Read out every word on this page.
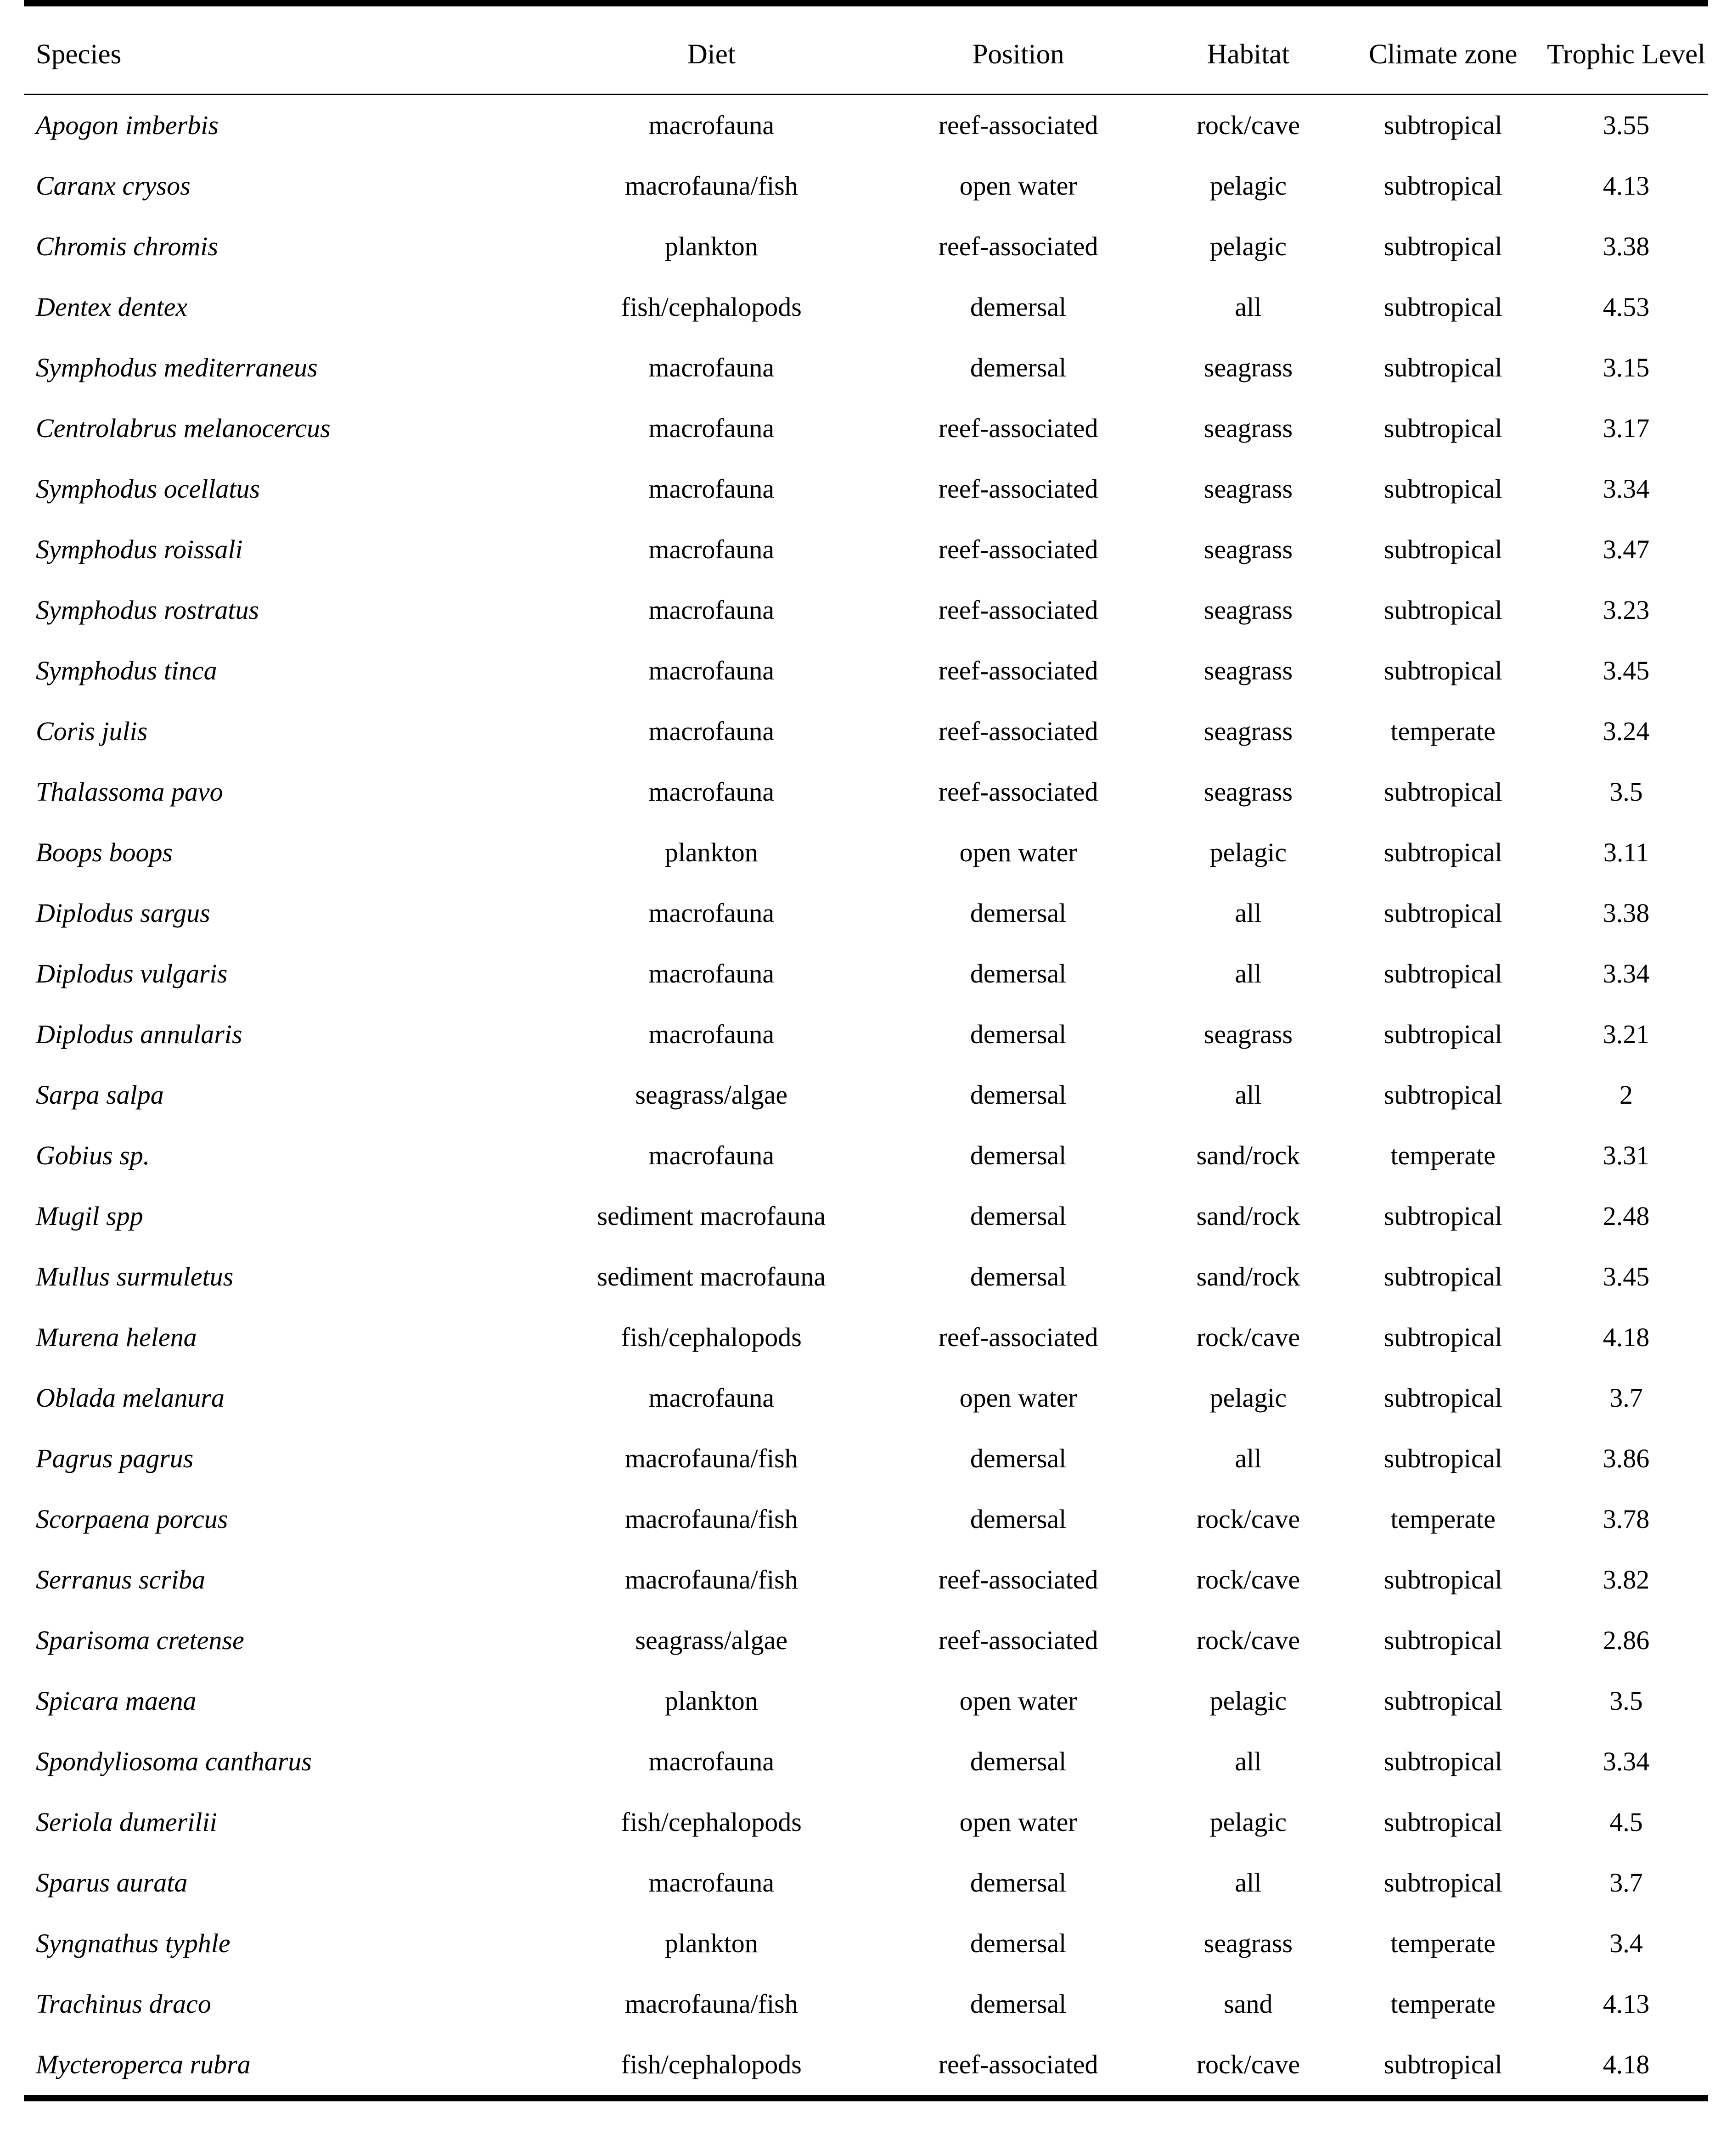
Species	Diet	Position	Habitat	Climate zone	Trophic Level
Apogon imberbis	macrofauna	reef-associated	rock/cave	subtropical	3.55
Caranx crysos	macrofauna/fish	open water	pelagic	subtropical	4.13
Chromis chromis	plankton	reef-associated	pelagic	subtropical	3.38
Dentex dentex	fish/cephalopods	demersal	all	subtropical	4.53
Symphodus mediterraneus	macrofauna	demersal	seagrass	subtropical	3.15
Centrolabrus melanocercus	macrofauna	reef-associated	seagrass	subtropical	3.17
Symphodus ocellatus	macrofauna	reef-associated	seagrass	subtropical	3.34
Symphodus roissali	macrofauna	reef-associated	seagrass	subtropical	3.47
Symphodus rostratus	macrofauna	reef-associated	seagrass	subtropical	3.23
Symphodus tinca	macrofauna	reef-associated	seagrass	subtropical	3.45
Coris julis	macrofauna	reef-associated	seagrass	temperate	3.24
Thalassoma pavo	macrofauna	reef-associated	seagrass	subtropical	3.5
Boops boops	plankton	open water	pelagic	subtropical	3.11
Diplodus sargus	macrofauna	demersal	all	subtropical	3.38
Diplodus vulgaris	macrofauna	demersal	all	subtropical	3.34
Diplodus annularis	macrofauna	demersal	seagrass	subtropical	3.21
Sarpa salpa	seagrass/algae	demersal	all	subtropical	2
Gobius sp.	macrofauna	demersal	sand/rock	temperate	3.31
Mugil spp	sediment macrofauna	demersal	sand/rock	subtropical	2.48
Mullus surmuletus	sediment macrofauna	demersal	sand/rock	subtropical	3.45
Murena helena	fish/cephalopods	reef-associated	rock/cave	subtropical	4.18
Oblada melanura	macrofauna	open water	pelagic	subtropical	3.7
Pagrus pagrus	macrofauna/fish	demersal	all	subtropical	3.86
Scorpaena porcus	macrofauna/fish	demersal	rock/cave	temperate	3.78
Serranus scriba	macrofauna/fish	reef-associated	rock/cave	subtropical	3.82
Sparisoma cretense	seagrass/algae	reef-associated	rock/cave	subtropical	2.86
Spicara maena	plankton	open water	pelagic	subtropical	3.5
Spondyliosoma cantharus	macrofauna	demersal	all	subtropical	3.34
Seriola dumerilii	fish/cephalopods	open water	pelagic	subtropical	4.5
Sparus aurata	macrofauna	demersal	all	subtropical	3.7
Syngnathus typhle	plankton	demersal	seagrass	temperate	3.4
Trachinus draco	macrofauna/fish	demersal	sand	temperate	4.13
Mycteroperca rubra	fish/cephalopods	reef-associated	rock/cave	subtropical	4.18
